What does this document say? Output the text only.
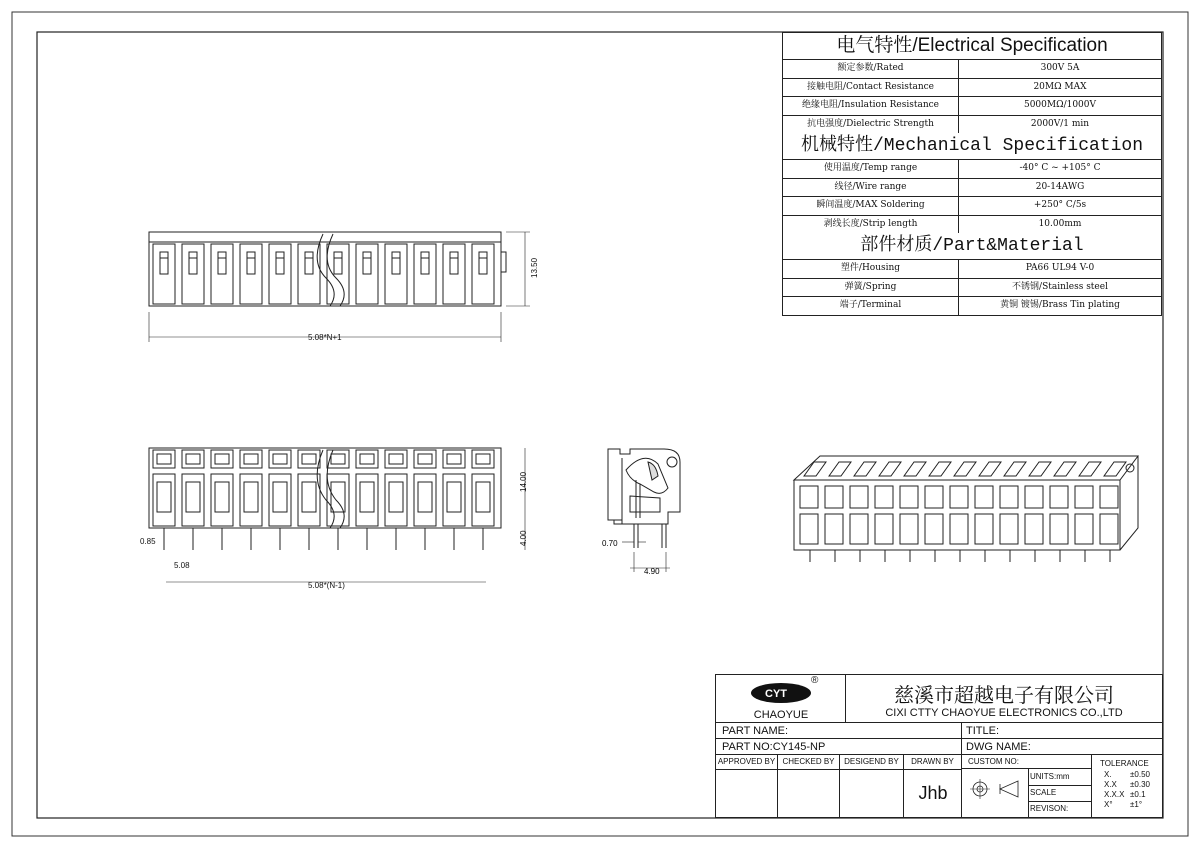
5.08*N+1
13.50
14.00
4.00
0.85
5.08
5.08*(N-1)
0.70
4.90
电气特性/Electrical Specification
额定参数/Rated	300V 5A
接触电阻/Contact Resistance	20MΩ MAX
绝缘电阻/Insulation Resistance	5000MΩ/1000V
抗电强度/Dielectric Strength	2000V/1 min
机械特性/Mechanical Specification
使用温度/Temp range	-40° C ~ +105° C
线径/Wire range	20-14AWG
瞬间温度/MAX Soldering	+250° C/5s
剥线长度/Strip length	10.00mm
部件材质/Part&Material
塑件/Housing	PA66 UL94 V-0
弹簧/Spring	不锈钢/Stainless steel
端子/Terminal	黄铜 镀锡/Brass Tin plating
CYT
®
CHAOYUE
慈溪市超越电子有限公司
CIXI CTTY CHAOYUE ELECTRONICS CO.,LTD
PART NAME:	TITLE:
PART NO:CY145-NP	DWG NAME:
APPROVED BY CHECKED BY	DESIGEND BY	DRAWN BY
Jhb
CUSTOM NO:
UNITS:mm
SCALE
REVISON:
TOLERANCE
X.	±0.50
X.X	±0.30
X.X.X ±0.1
X°	±1°
